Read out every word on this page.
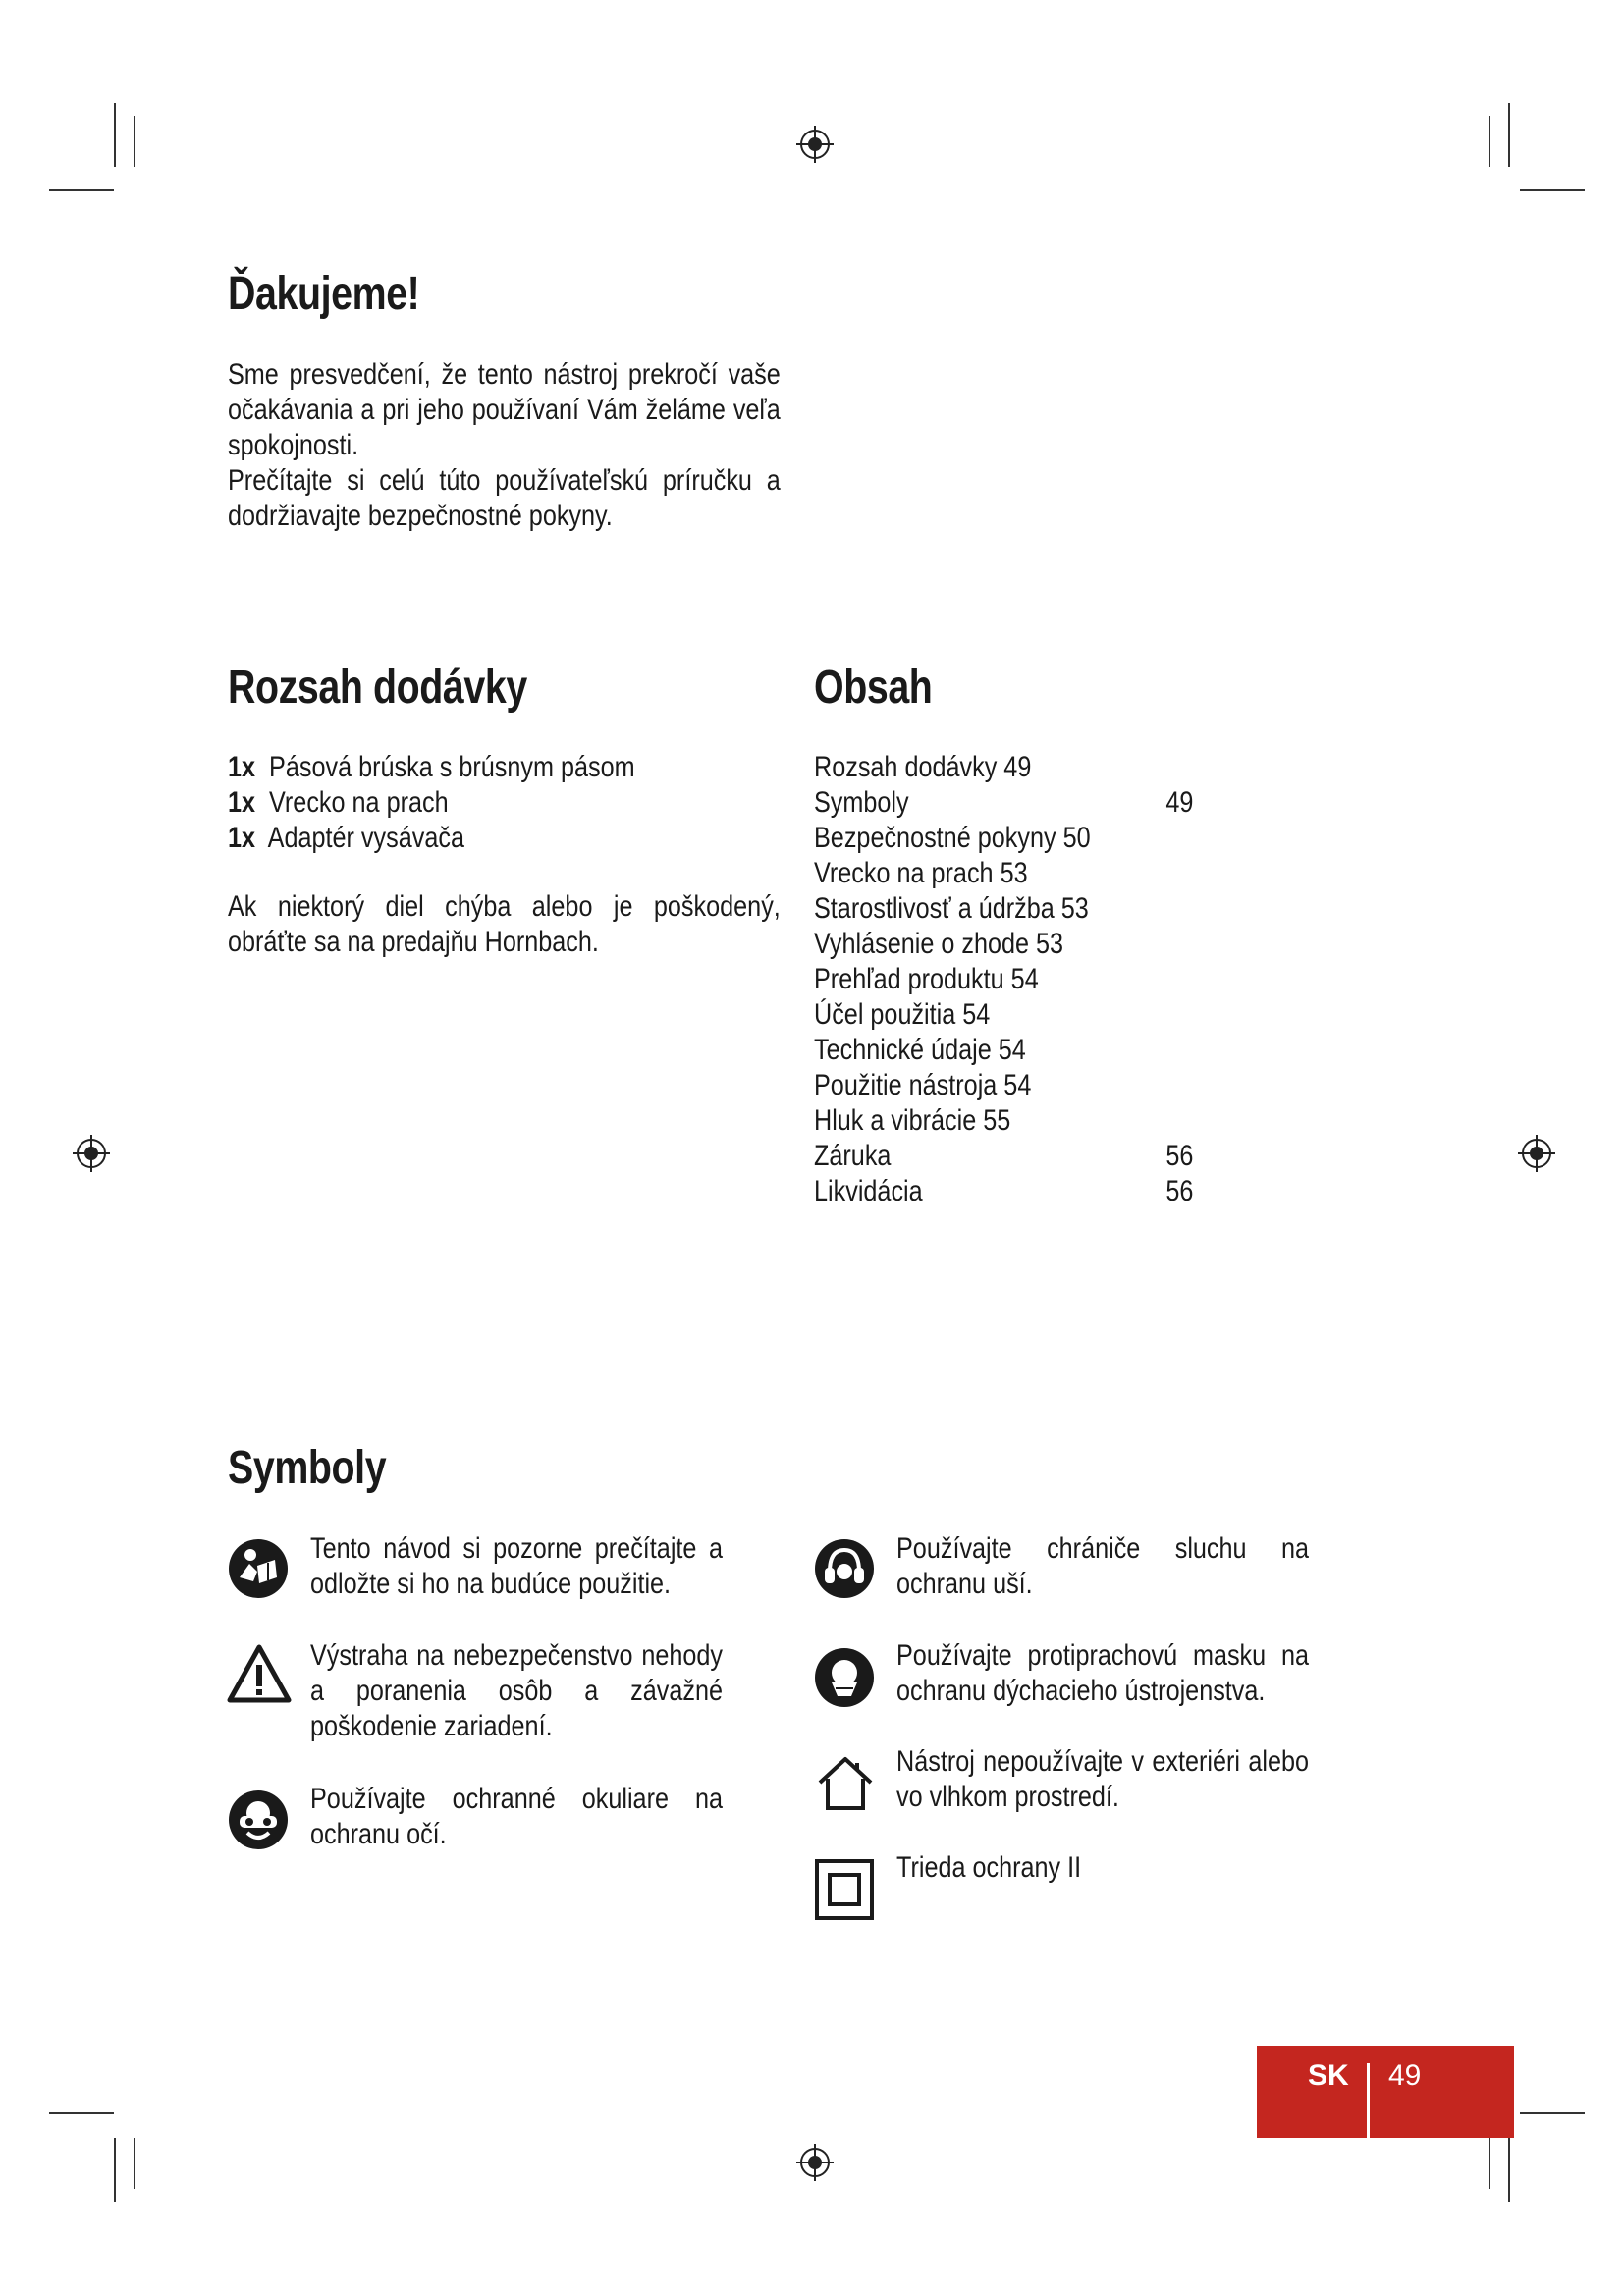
Ďakujeme!

Sme presvedčení, že tento nástroj prekročí vaše očakávania a pri jeho používaní Vám želáme veľa spokojnosti.

Prečítajte si celú túto používateľskú príručku a dodržiavajte bezpečnostné pokyny.

Rozsah dodávky
1x Pásová brúska s brúsnym pásom
1x Vrecko na prach
1x Adaptér vysávača

Ak niektorý diel chýba alebo je poškodený, obráťte sa na predajňu Hornbach.

Obsah
Rozsah dodávky 49
Symboly	49
Bezpečnostné pokyny 50
Vrecko na prach 53
Starostlivosť a údržba 53
Vyhlásenie o zhode 53
Prehľad produktu 54
Účel použitia 54
Technické údaje 54
Použitie nástroja 54
Hluk a vibrácie 55
Záruka	56
Likvidácia	56
Symboly

Tento návod si pozorne prečítajte a odložte si ho na budúce použitie.

Výstraha na nebezpečenstvo nehody a poranenia osôb a závažné poškodenie zariadení.

Používajte ochranné okuliare na ochranu očí.

Používajte chrániče sluchu na ochranu uší.

Používajte protiprachovú masku na ochranu dýchacieho ústrojenstva.

Nástroj nepoužívajte v exteriéri alebo vo vlhkom prostredí.

Trieda ochrany II

SK 49
